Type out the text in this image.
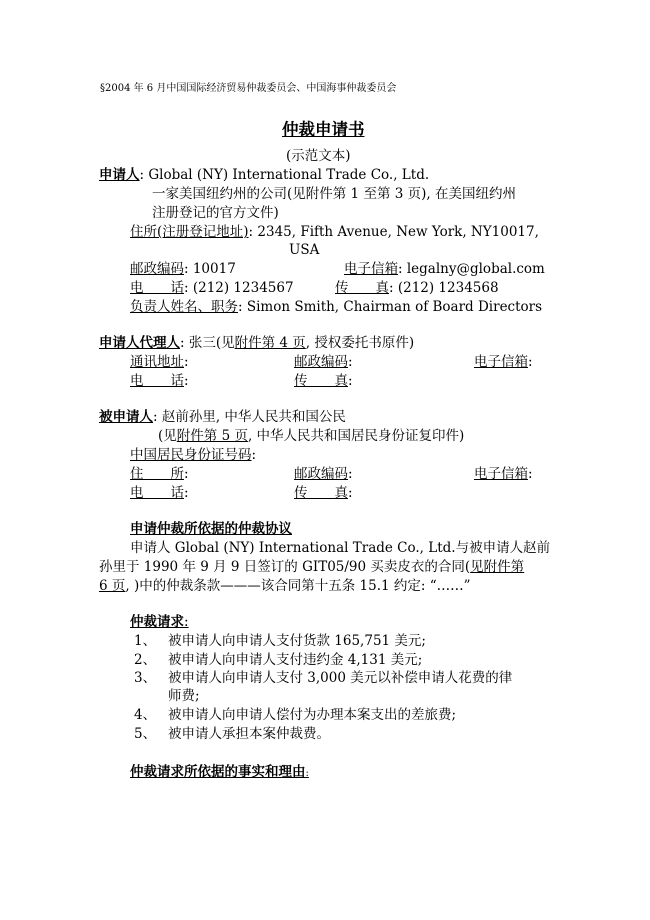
§2004 年 6 月中国国际经济贸易仲裁委员会、中国海事仲裁委员会
仲裁申请书
(示范文本)
申请人: Global (NY) International Trade Co., Ltd.
一家美国纽约州的公司(见附件第 1 至第 3 页), 在美国纽约州
注册登记的官方文件)
住所(注册登记地址): 2345, Fifth Avenue, New York, NY10017,
USA
邮政编码: 10017	电子信箱: legalny@global.com
电　　话: (212) 1234567	传　　真: (212) 1234568
负责人姓名、职务: Simon Smith, Chairman of Board Directors
申请人代理人: 张三(见附件第 4 页, 授权委托书原件)
通讯地址:	邮政编码:	电子信箱:
电　　话:	传　　真:
被申请人: 赵前孙里, 中华人民共和国公民
(见附件第 5 页, 中华人民共和国居民身份证复印件)
中国居民身份证号码:
住　　所:	邮政编码:	电子信箱:
电　　话:	传　　真:
申请仲裁所依据的仲裁协议
申请人 Global (NY) International Trade Co., Ltd.与被申请人赵前
孙里于 1990 年 9 月 9 日签订的 GIT05/90 买卖皮衣的合同(见附件第
6 页, )中的仲裁条款———该合同第十五条 15.1 约定: “……”
仲裁请求:
1、 被申请人向申请人支付货款 165,751 美元;
2、 被申请人向申请人支付违约金 4,131 美元;
3、 被申请人向申请人支付 3,000 美元以补偿申请人花费的律
师费;
4、 被申请人向申请人偿付为办理本案支出的差旅费;
5、 被申请人承担本案仲裁费。
仲裁请求所依据的事实和理由:
